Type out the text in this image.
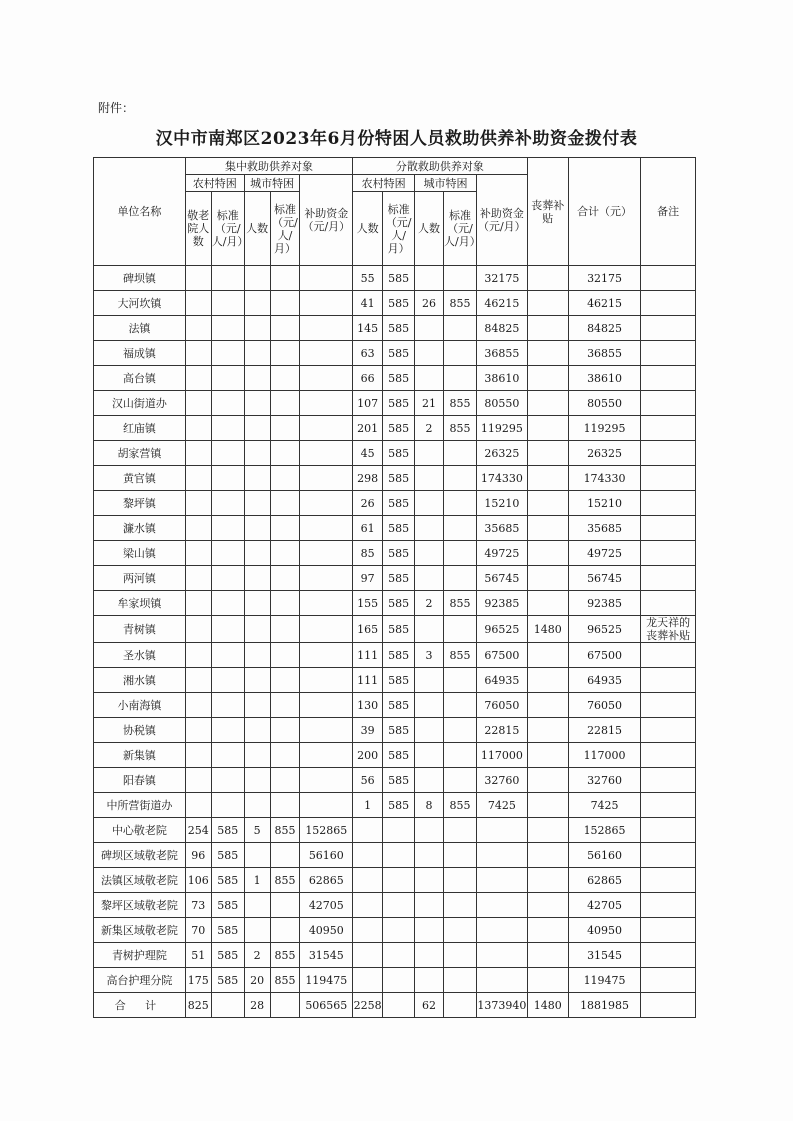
附件：
汉中市南郑区2023年6月份特困人员救助供养补助资金拨付表
单位名称	集中救助供养对象					分散救助供养对象					丧葬补贴	合计（元）	备注
	农村特困		城市特困		补助资金（元/月）	农村特困		城市特困		补助资金（元/月）			
	敬老院人数	标准（元/人/月）	人数	标准（元/人/月）		人数	标准（元/人/月）	人数	标准（元/人/月）				
碑坝镇						55	585			32175		32175	
大河坎镇						41	585	26	855	46215		46215	
法镇						145	585			84825		84825	
福成镇						63	585			36855		36855	
高台镇						66	585			38610		38610	
汉山街道办						107	585	21	855	80550		80550	
红庙镇						201	585	2	855	119295		119295	
胡家营镇						45	585			26325		26325	
黄官镇						298	585			174330		174330	
黎坪镇						26	585			15210		15210	
濂水镇						61	585			35685		35685	
梁山镇						85	585			49725		49725	
两河镇						97	585			56745		56745	
牟家坝镇						155	585	2	855	92385		92385	
青树镇						165	585			96525	1480	96525	龙天祥的丧葬补贴
圣水镇						111	585	3	855	67500		67500	
湘水镇						111	585			64935		64935	
小南海镇						130	585			76050		76050	
协税镇						39	585			22815		22815	
新集镇						200	585			117000		117000	
阳春镇						56	585			32760		32760	
中所营街道办						1	585	8	855	7425		7425	
中心敬老院	254	585	5	855	152865							152865	
碑坝区域敬老院	96	585			56160							56160	
法镇区域敬老院	106	585	1	855	62865							62865	
黎坪区域敬老院	73	585			42705							42705	
新集区域敬老院	70	585			40950							40950	
青树护理院	51	585	2	855	31545							31545	
高台护理分院	175	585	20	855	119475							119475	
合 计	825		28		506565	2258		62		1373940	1480	1881985	
